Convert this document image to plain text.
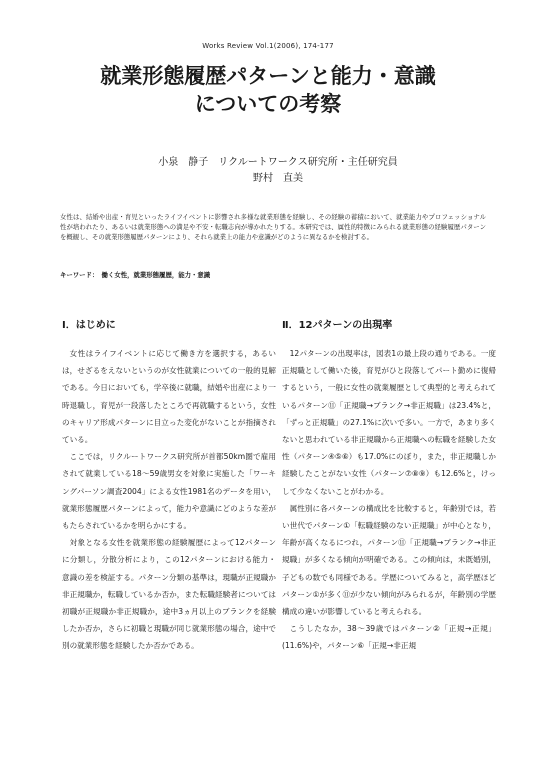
Works Review Vol.1(2006), 174-177
就業形態履歴パターンと能力・意識
についての考察
小泉　静子　リクルートワークス研究所・主任研究員
野村　直美
女性は、結婚や出産・育児といったライフイベントに影響され多様な就業形態を経験し、その経験の蓄積において、就業能力やプロフェッショナル性が培われたり、あるいは就業形態への満足や不安・転職志向が導かれたりする。本研究では、属性的特徴にみられる就業形態の経験履歴パターンを概観し、その就業形態履歴パターンにより、それら就業上の能力や意識がどのように異なるかを検討する。
キーワード：　働く女性，就業形態履歴，能力・意識
Ⅰ．はじめに

女性はライフイベントに応じて働き方を選択する，あるいは，せざるをえないというのが女性就業についての一般的見解である。今日においても，学卒後に就職，結婚や出産により一時退職し，育児が一段落したところで再就職するという，女性のキャリア形成パターンに目立った変化がないことが指摘されている。

ここでは，リクルートワークス研究所が首都50km圏で雇用されて就業している18〜59歳男女を対象に実施した「ワーキングパーソン調査2004」による女性1981名のデータを用い，就業形態履歴パターンによって，能力や意識にどのような差がもたらされているかを明らかにする。

対象となる女性を就業形態の経験履歴によって12パターンに分類し，分散分析により，この12パターンにおける能力・意識の差を検証する。パターン分類の基準は，現職が正規職か非正規職か，転職しているか否か，また転職経験者については初職が正規職か非正規職か，途中3ヵ月以上のブランクを経験したか否か，さらに初職と現職が同じ就業形態の場合，途中で別の就業形態を経験したか否かである。

Ⅱ．12パターンの出現率

12パターンの出現率は，図表1の最上段の通りである。一度正規職として働いた後，育児がひと段落してパート勤めに復帰するという，一般に女性の就業履歴として典型的と考えられているパターン⑪「正規職→ブランク→非正規職」は23.4%と，「ずっと正規職」の27.1%に次いで多い。一方で，あまり多くないと思われている非正規職から正規職への転職を経験した女性（パターン④⑤⑥）も17.0%にのぼり，また，非正規職しか経験したことがない女性（パターン⑦⑧⑨）も12.6%と，けっして少なくないことがわかる。

属性別に各パターンの構成比を比較すると，年齢別では，若い世代でパターン①「転職経験のない正規職」が中心となり，年齢が高くなるにつれ，パターン⑪「正規職→ブランク→非正規職」が多くなる傾向が明確である。この傾向は，未既婚別，子どもの数でも同様である。学歴についてみると，高学歴ほどパターン①が多く⑪が少ない傾向がみられるが，年齢別の学歴構成の違いが影響していると考えられる。

こうしたなか，38〜39歳ではパターン②「正規→正規」(11.6%)や，パターン⑥「正規→非正規
